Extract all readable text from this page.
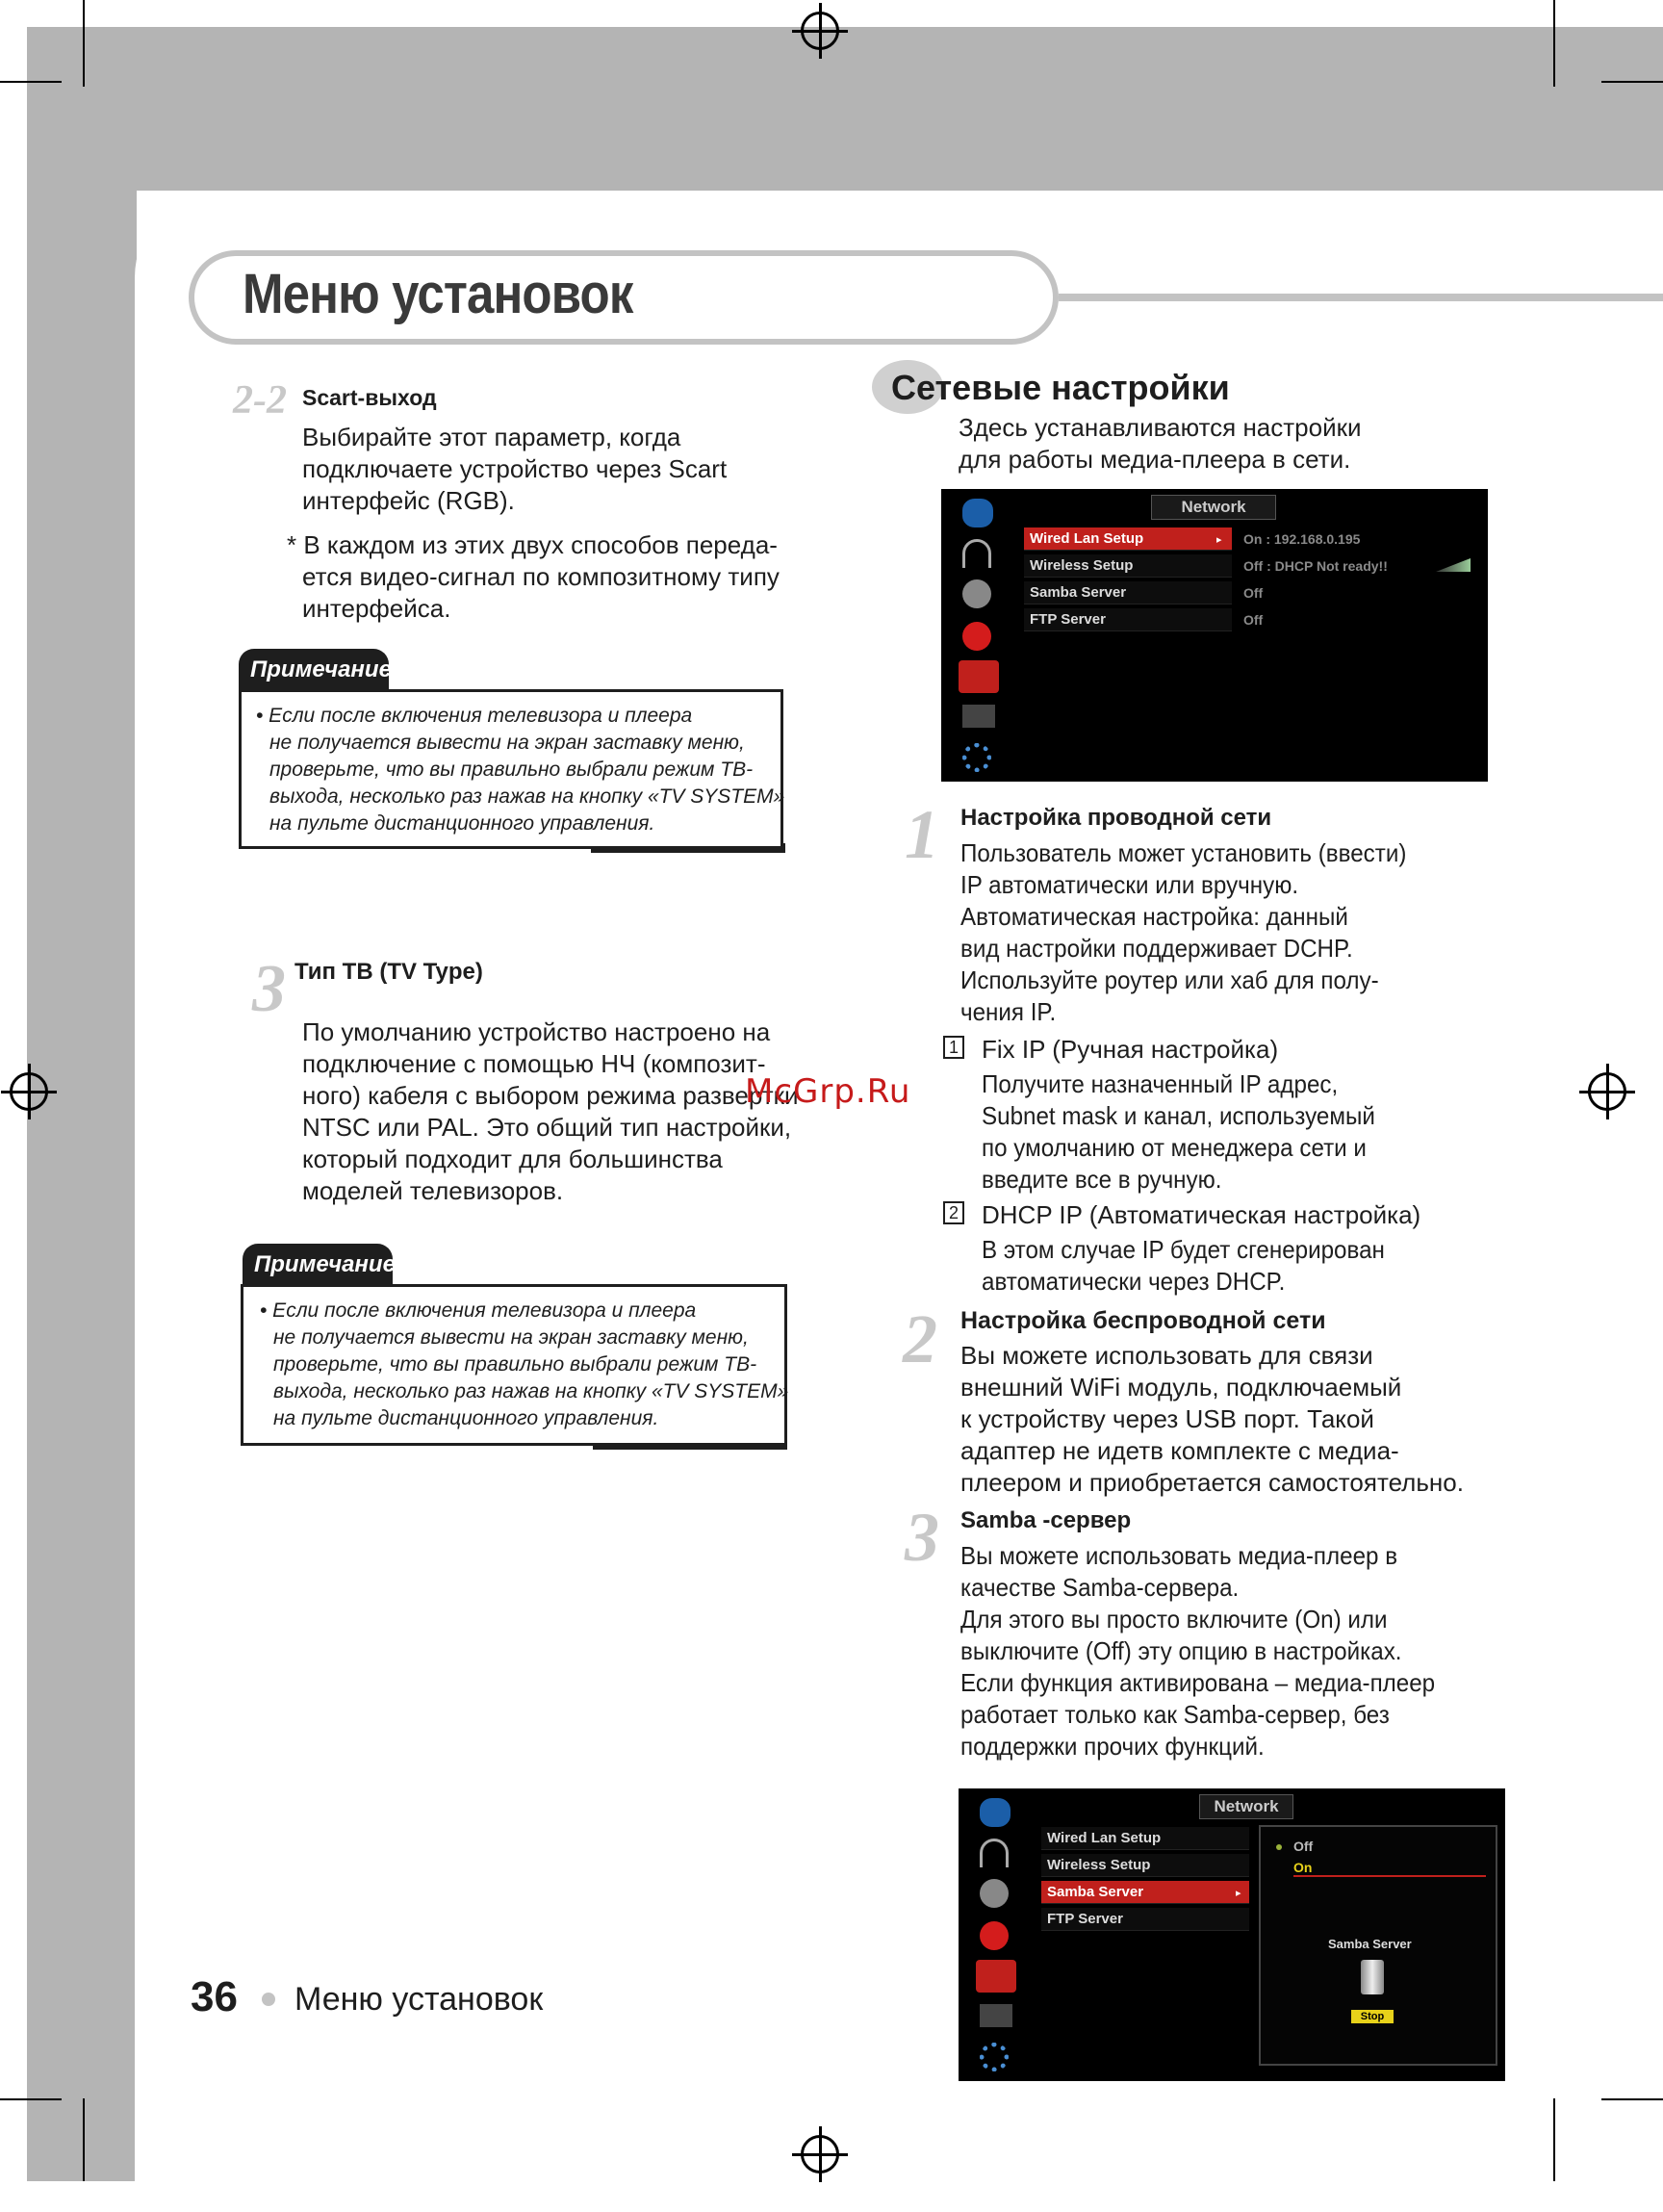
Меню установок
2-2 Scart-выход
Выбирайте этот параметр, когда
подключаете устройство через Scart
интерфейс (RGB).
* В каждом из этих двух способов переда-
ется видео-сигнал по композитному типу
интерфейса.
Примечание
• Если после включения телевизора и плеера
не получается вывести на экран заставку меню,
проверьте, что вы правильно выбрали режим ТВ-
выхода, несколько раз нажав на кнопку «TV SYSTEM»
на пульте дистанционного управления.
3 Тип ТВ (TV Type)
По умолчанию устройство настроено на
подключение с помощью НЧ (композит-
ного) кабеля с выбором режима развертки
NTSC или PAL. Это общий тип настройки,
который подходит для большинства
моделей телевизоров.
Примечание
• Если после включения телевизора и плеера
не получается вывести на экран заставку меню,
проверьте, что вы правильно выбрали режим ТВ-
выхода, несколько раз нажав на кнопку «TV SYSTEM»
на пульте дистанционного управления.
Сетевые настройки
Здесь устанавливаются настройки
для работы медиа-плеера в сети.
Network
Wired Lan Setup	▸
Wireless Setup
Samba Server
FTP Server
On : 192.168.0.195
Off : DHCP Not ready!!
Off
Off
1 Настройка проводной сети
Пользователь может установить (ввести)
IP автоматически или вручную.
Автоматическая настройка: данный
вид настройки поддерживает DCHP.
Используйте роутер или хаб для полу-
чения IP.
1 Fix IP (Ручная настройка)
Получите назначенный IP адрес,
Subnet mask и канал, используемый
по умолчанию от менеджера сети и
введите все в ручную.
2 DHCP IP (Автоматическая настройка)
В этом случае IP будет сгенерирован
автоматически через DHCP.
2 Настройка беспроводной сети
Вы можете использовать для связи
внешний WiFi модуль, подключаемый
к устройству через USB порт. Такой
адаптер не идетв комплекте с медиа-
плеером и приобретается самостоятельно.
3 Samba -сервер
Вы можете использовать медиа-плеер в
качестве Samba-сервера.
Для этого вы просто включите (On) или
выключите (Off) эту опцию в настройках.
Если функция активирована – медиа-плеер
работает только как Samba-сервер, без
поддержки прочих функций.
Network
Wired Lan Setup
Wireless Setup
Samba Server	▸
FTP Server
Off
On
Samba Server
Stop
McGrp.Ru
36 Меню установок
